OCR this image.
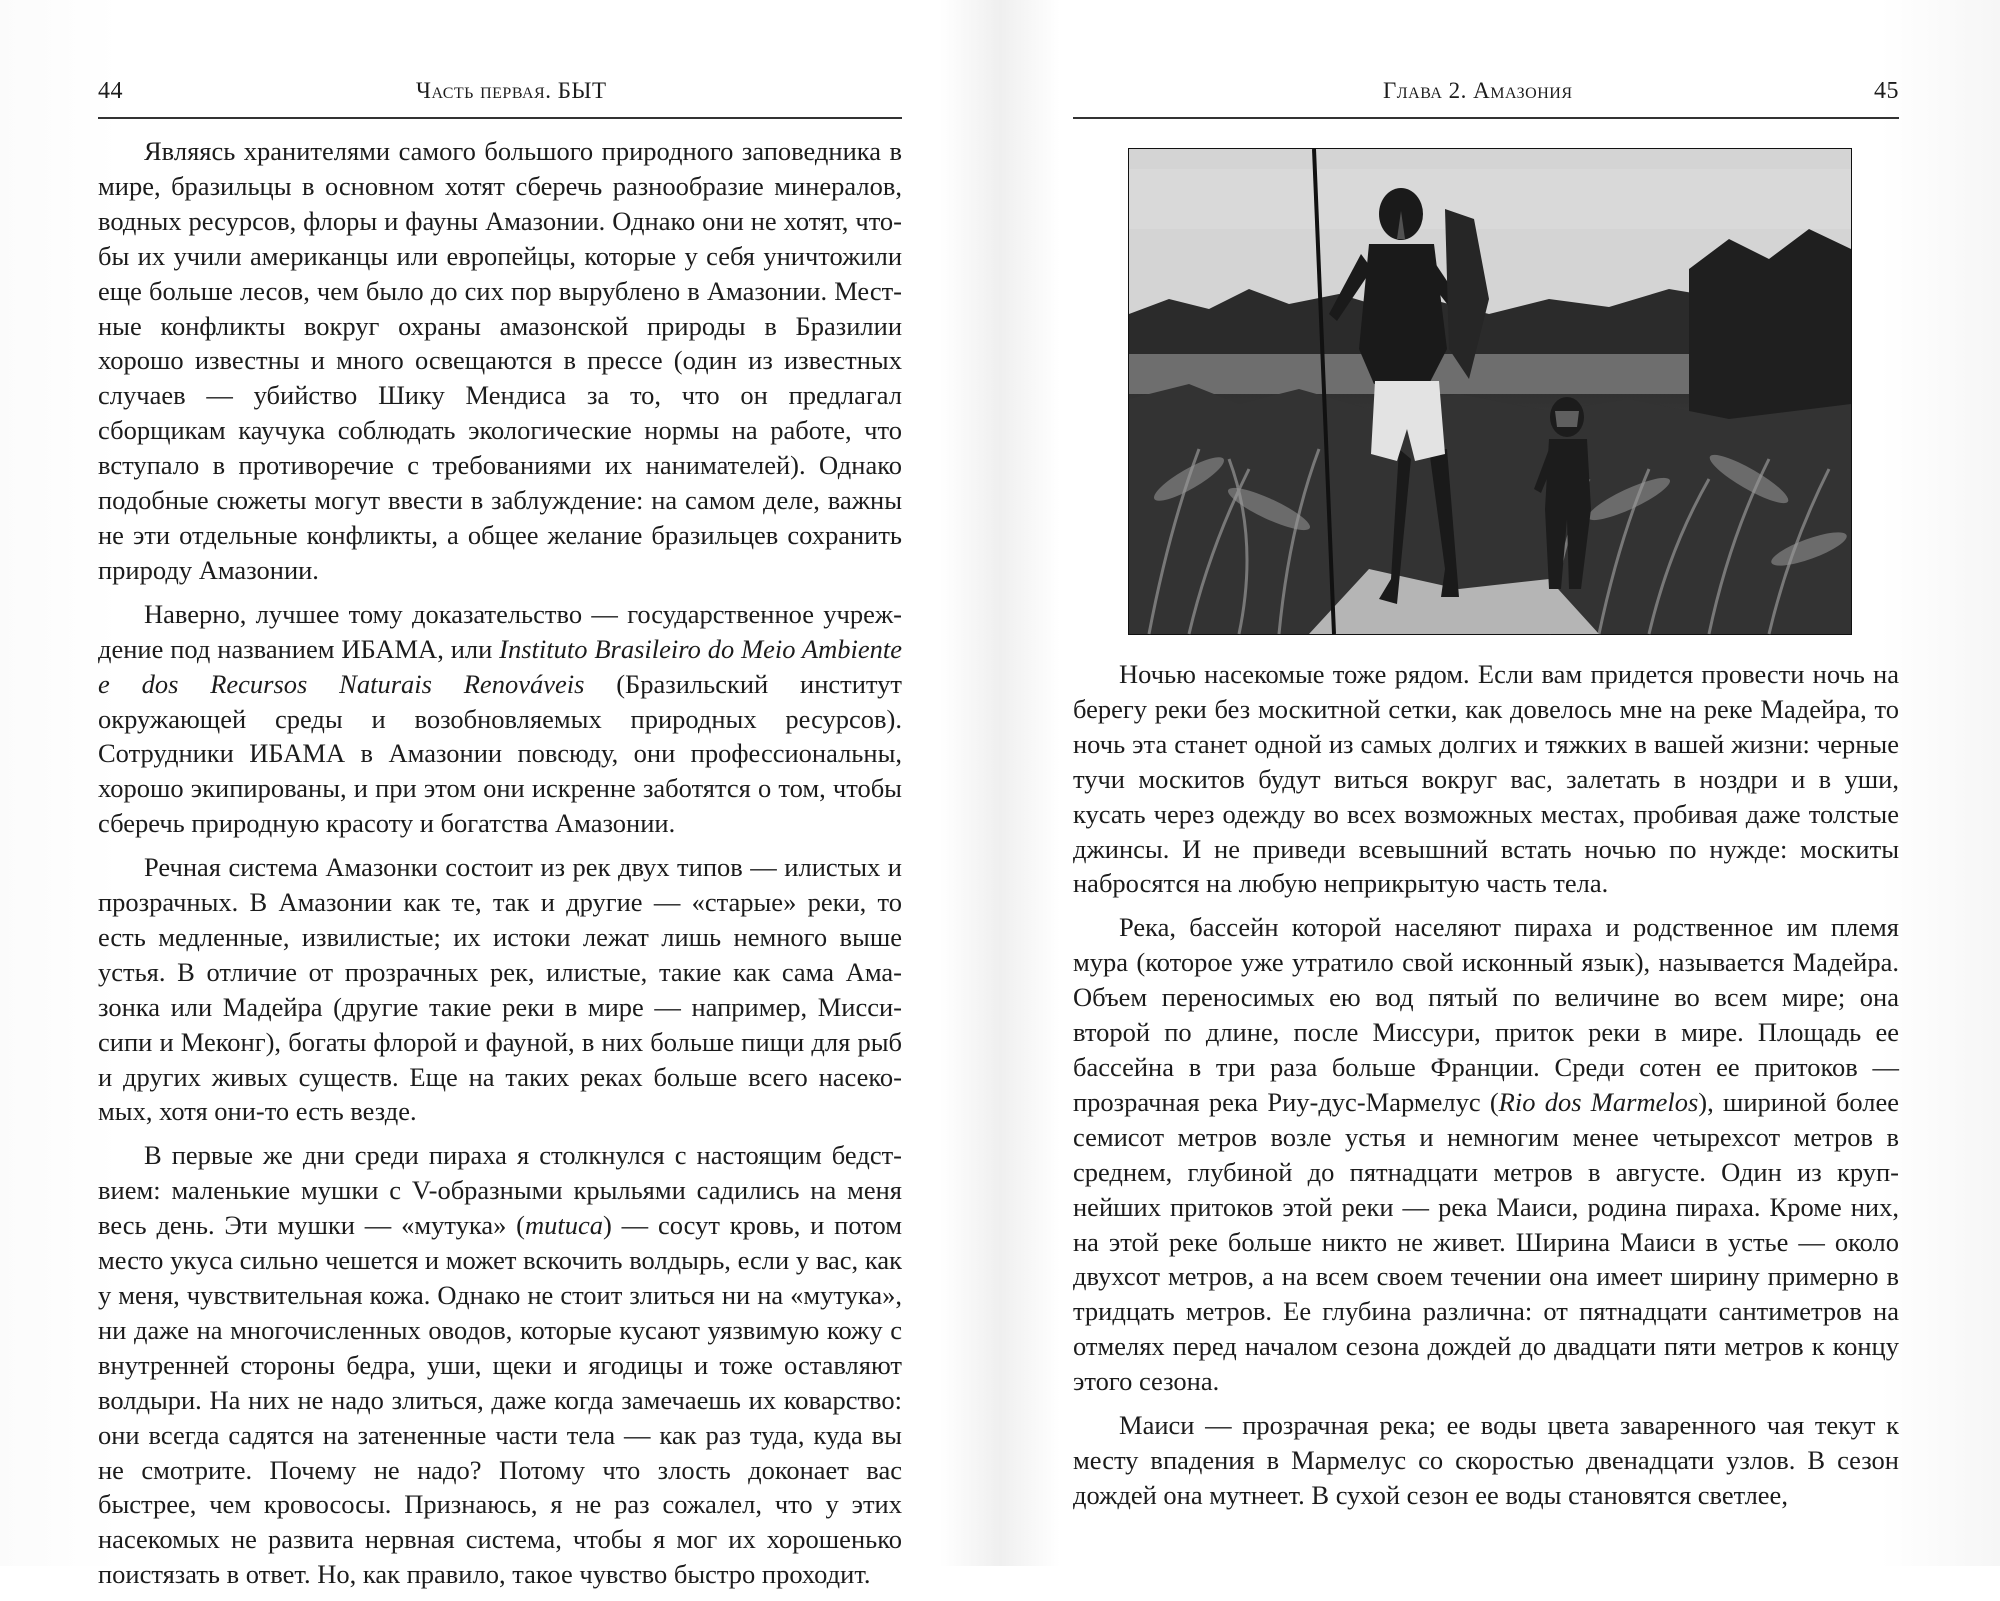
44	Часть первая. БЫТ

Являясь хранителями самого большого природного заповедника в мире, бразильцы в основном хотят сберечь разнообразие минералов, водных ресурсов, флоры и фауны Амазонии. Однако они не хотят, чтобы их учили американцы или европейцы, которые у себя уничтожили еще больше лесов, чем было до сих пор вырублено в Амазонии. Местные конфликты вокруг охраны амазонской природы в Бразилии хорошо известны и много освещаются в прессе (один из известных случаев — убийство Шику Мендиса за то, что он предлагал сборщикам каучука соблюдать экологические нормы на работе, что вступало в противоречие с требованиями их нанимателей). Однако подобные сюжеты могут ввести в заблуждение: на самом деле, важны не эти отдельные конфликты, а общее желание бразильцев сохранить природу Амазонии.

Наверно, лучшее тому доказательство — государственное учреждение под названием ИБАМА, или Instituto Brasileiro do Meio Ambiente e dos Recursos Naturais Renováveis (Бразильский институт окружающей среды и возобновляемых природных ресурсов). Сотрудники ИБАМА в Амазонии повсюду, они профессиональны, хорошо экипированы, и при этом они искренне заботятся о том, чтобы сберечь природную красоту и богатства Амазонии.

Речная система Амазонки состоит из рек двух типов — илистых и прозрачных. В Амазонии как те, так и другие — «старые» реки, то есть медленные, извилистые; их истоки лежат лишь немного выше устья. В отличие от прозрачных рек, илистые, такие как сама Амазонка или Мадейра (другие такие реки в мире — например, Миссисипи и Меконг), богаты флорой и фауной, в них больше пищи для рыб и других живых существ. Еще на таких реках больше всего насекомых, хотя они-то есть везде.

В первые же дни среди пираха я столкнулся с настоящим бедствием: маленькие мушки с V-образными крыльями садились на меня весь день. Эти мушки — «мутука» (mutuca) — сосут кровь, и потом место укуса сильно чешется и может вскочить волдырь, если у вас, как у меня, чувствительная кожа. Однако не стоит злиться ни на «мутука», ни даже на многочисленных оводов, которые кусают уязвимую кожу с внутренней стороны бедра, уши, щеки и ягодицы и тоже оставляют волдыри. На них не надо злиться, даже когда замечаешь их коварство: они всегда садятся на затененные части тела — как раз туда, куда вы не смотрите. Почему не надо? Потому что злость доконает вас быстрее, чем кровососы. Признаюсь, я не раз сожалел, что у этих насекомых не развита нервная система, чтобы я мог их хорошенько поистязать в ответ. Но, как правило, такое чувство быстро проходит.

Глава 2. Амазония	45

Ночью насекомые тоже рядом. Если вам придется провести ночь на берегу реки без москитной сетки, как довелось мне на реке Мадейра, то ночь эта станет одной из самых долгих и тяжких в вашей жизни: черные тучи москитов будут виться вокруг вас, залетать в ноздри и в уши, кусать через одежду во всех возможных местах, пробивая даже толстые джинсы. И не приведи всевышний встать ночью по нужде: москиты набросятся на любую неприкрытую часть тела.

Река, бассейн которой населяют пираха и родственное им племя мура (которое уже утратило свой исконный язык), называется Мадейра. Объем переносимых ею вод пятый по величине во всем мире; она второй по длине, после Миссури, приток реки в мире. Площадь ее бассейна в три раза больше Франции. Среди сотен ее притоков — прозрачная река Риу-дус-Мармелус (Rio dos Marmelos), шириной более семисот метров возле устья и немногим менее четырехсот метров в среднем, глубиной до пятнадцати метров в августе. Один из крупнейших притоков этой реки — река Маиси, родина пираха. Кроме них, на этой реке больше никто не живет. Ширина Маиси в устье — около двухсот метров, а на всем своем течении она имеет ширину примерно в тридцать метров. Ее глубина различна: от пятнадцати сантиметров на отмелях перед началом сезона дождей до двадцати пяти метров к концу этого сезона.

Маиси — прозрачная река; ее воды цвета заваренного чая текут к месту впадения в Мармелус со скоростью двенадцати узлов. В сезон дождей она мутнеет. В сухой сезон ее воды становятся светлее,
